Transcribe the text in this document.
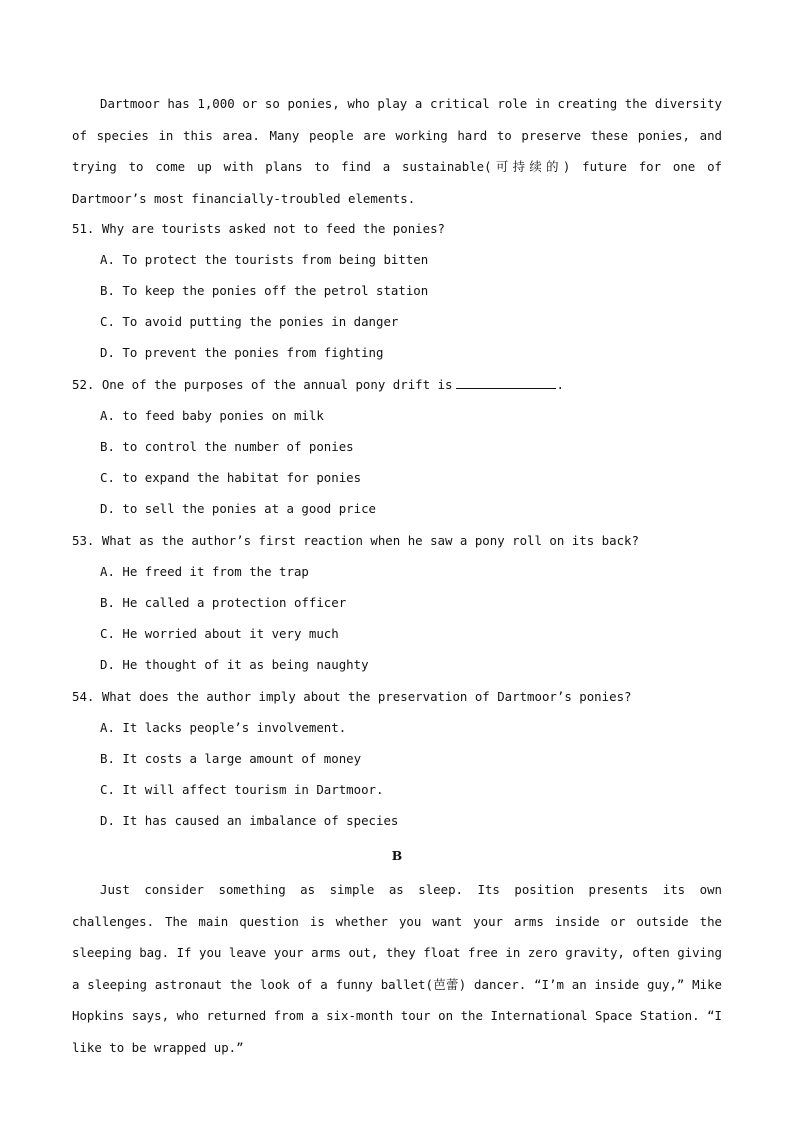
Dartmoor has 1,000 or so ponies, who play a critical role in creating the diversity of species in this area. Many people are working hard to preserve these ponies, and trying to come up with plans to find a sustainable(可持续的) future for one of Dartmoor’s most financially-troubled elements.

51. Why are tourists asked not to feed the ponies?

A. To protect the tourists from being bitten

B. To keep the ponies off the petrol station

C. To avoid putting the ponies in danger

D. To prevent the ponies from fighting

52. One of the purposes of the annual pony drift is	.

A. to feed baby ponies on milk

B. to control the number of ponies

C. to expand the habitat for ponies

D. to sell the ponies at a good price

53. What as the author’s first reaction when he saw a pony roll on its back?

A. He freed it from the trap

B. He called a protection officer

C. He worried about it very much

D. He thought of it as being naughty

54. What does the author imply about the preservation of Dartmoor’s ponies?

A. It lacks people’s involvement.

B. It costs a large amount of money

C. It will affect tourism in Dartmoor.

D. It has caused an imbalance of species

B

Just consider something as simple as sleep. Its position presents its own challenges. The main question is whether you want your arms inside or outside the sleeping bag. If you leave your arms out, they float free in zero gravity, often giving a sleeping astronaut the look of a funny ballet(芭蕾) dancer. “I’m an inside guy,” Mike Hopkins says, who returned from a six-month tour on the International Space Station. “I like to be wrapped up.”
